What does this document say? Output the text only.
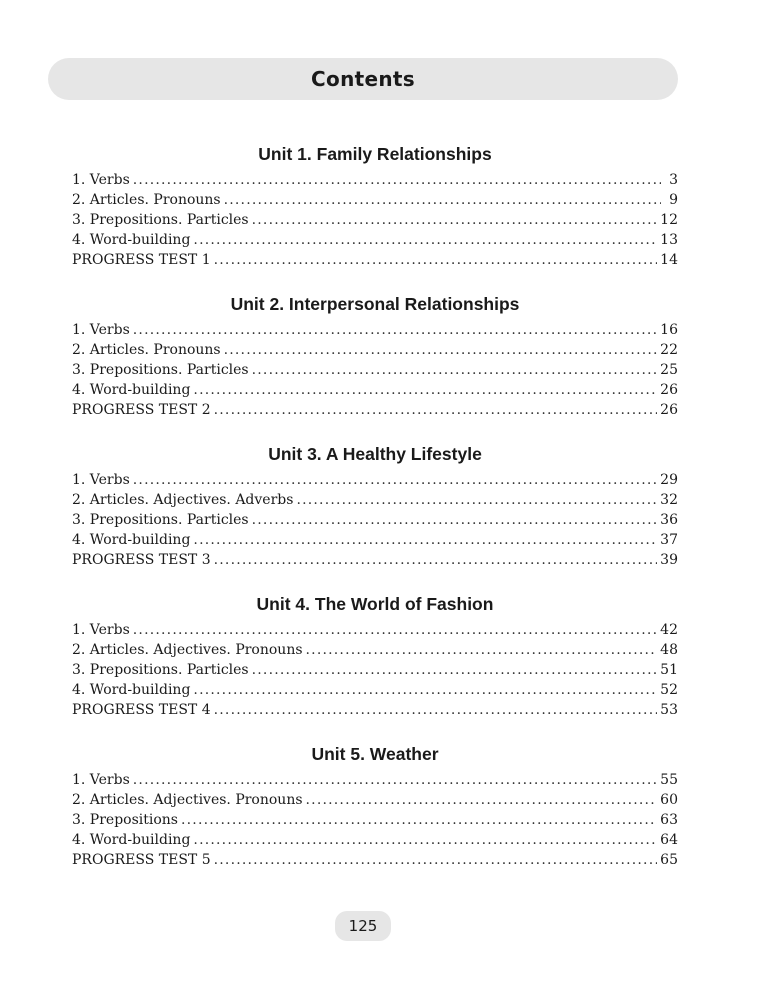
Contents
Unit 1. Family Relationships
1. Verbs .....	3
2. Articles. Pronouns .....	9
3. Prepositions. Particles .....	12
4. Word-building .....	13
PROGRESS TEST 1 .....	14
Unit 2. Interpersonal Relationships
1. Verbs .....	16
2. Articles. Pronouns .....	22
3. Prepositions. Particles .....	25
4. Word-building .....	26
PROGRESS TEST 2 .....	26
Unit 3. A Healthy Lifestyle
1. Verbs .....	29
2. Articles. Adjectives. Adverbs .....	32
3. Prepositions. Particles .....	36
4. Word-building .....	37
PROGRESS TEST 3 .....	39
Unit 4. The World of Fashion
1. Verbs .....	42
2. Articles. Adjectives. Pronouns .....	48
3. Prepositions. Particles .....	51
4. Word-building .....	52
PROGRESS TEST 4 .....	53
Unit 5. Weather
1. Verbs .....	55
2. Articles. Adjectives. Pronouns .....	60
3. Prepositions .....	63
4. Word-building .....	64
PROGRESS TEST 5 .....	65
125
